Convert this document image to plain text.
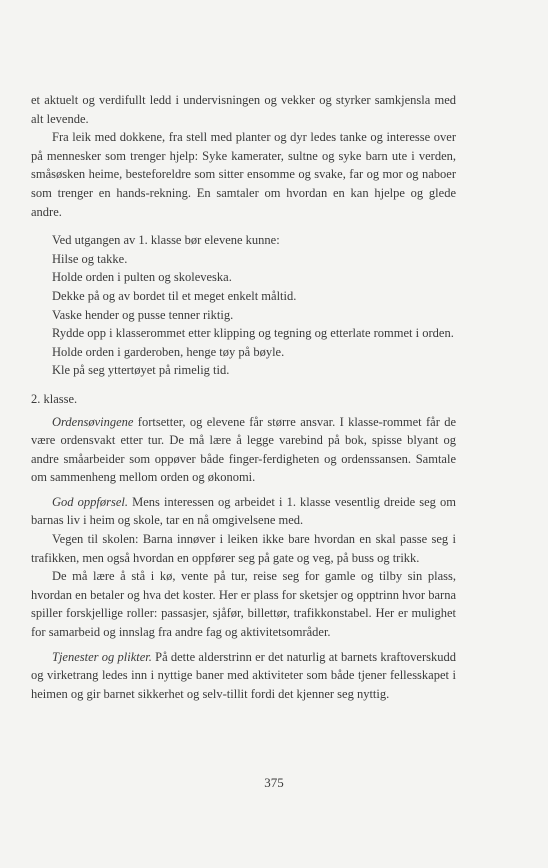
et aktuelt og verdifullt ledd i undervisningen og vekker og styrker samkjensla med alt levende.

Fra leik med dokkene, fra stell med planter og dyr ledes tanke og interesse over på mennesker som trenger hjelp: Syke kamerater, sultne og syke barn ute i verden, småsøsken heime, besteforeldre som sitter ensomme og svake, far og mor og naboer som trenger en hands-rekning. En samtaler om hvordan en kan hjelpe og glede andre.

Ved utgangen av 1. klasse bør elevene kunne:

Hilse og takke.

Holde orden i pulten og skoleveska.

Dekke på og av bordet til et meget enkelt måltid.

Vaske hender og pusse tenner riktig.

Rydde opp i klasserommet etter klipping og tegning og etterlate rommet i orden.

Holde orden i garderoben, henge tøy på bøyle.

Kle på seg yttertøyet på rimelig tid.

2. klasse.

Ordensøvingene fortsetter, og elevene får større ansvar. I klasse-rommet får de være ordensvakt etter tur. De må lære å legge varebind på bok, spisse blyant og andre småarbeider som oppøver både finger-ferdigheten og ordenssansen. Samtale om sammenheng mellom orden og økonomi.

God oppførsel. Mens interessen og arbeidet i 1. klasse vesentlig dreide seg om barnas liv i heim og skole, tar en nå omgivelsene med.

Vegen til skolen: Barna innøver i leiken ikke bare hvordan en skal passe seg i trafikken, men også hvordan en oppfører seg på gate og veg, på buss og trikk.

De må lære å stå i kø, vente på tur, reise seg for gamle og tilby sin plass, hvordan en betaler og hva det koster. Her er plass for sketsjer og opptrinn hvor barna spiller forskjellige roller: passasjer, sjåfør, billettør, trafikkonstabel. Her er mulighet for samarbeid og innslag fra andre fag og aktivitetsområder.

Tjenester og plikter. På dette alderstrinn er det naturlig at barnets kraftoverskudd og virketrang ledes inn i nyttige baner med aktiviteter som både tjener fellesskapet i heimen og gir barnet sikkerhet og selv-tillit fordi det kjenner seg nyttig.

375
